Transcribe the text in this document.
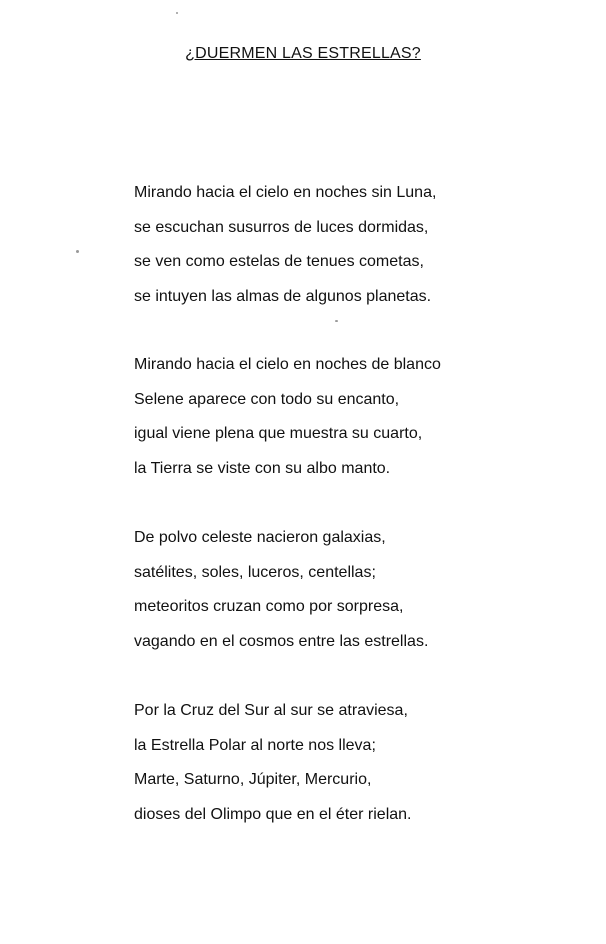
¿DUERMEN LAS ESTRELLAS?
Mirando hacia el cielo en noches sin Luna,
se escuchan susurros de luces dormidas,
se ven como estelas de tenues cometas,
se intuyen las almas de algunos planetas.
Mirando hacia el cielo en noches de blanco
Selene aparece con todo su encanto,
igual viene plena que muestra su cuarto,
la Tierra se viste con su albo manto.
De polvo celeste nacieron galaxias,
satélites, soles, luceros, centellas;
meteoritos cruzan como por sorpresa,
vagando en el cosmos entre las estrellas.
Por la Cruz del Sur al sur se atraviesa,
la Estrella Polar al norte nos lleva;
Marte, Saturno, Júpiter, Mercurio,
dioses del Olimpo que en el éter rielan.
